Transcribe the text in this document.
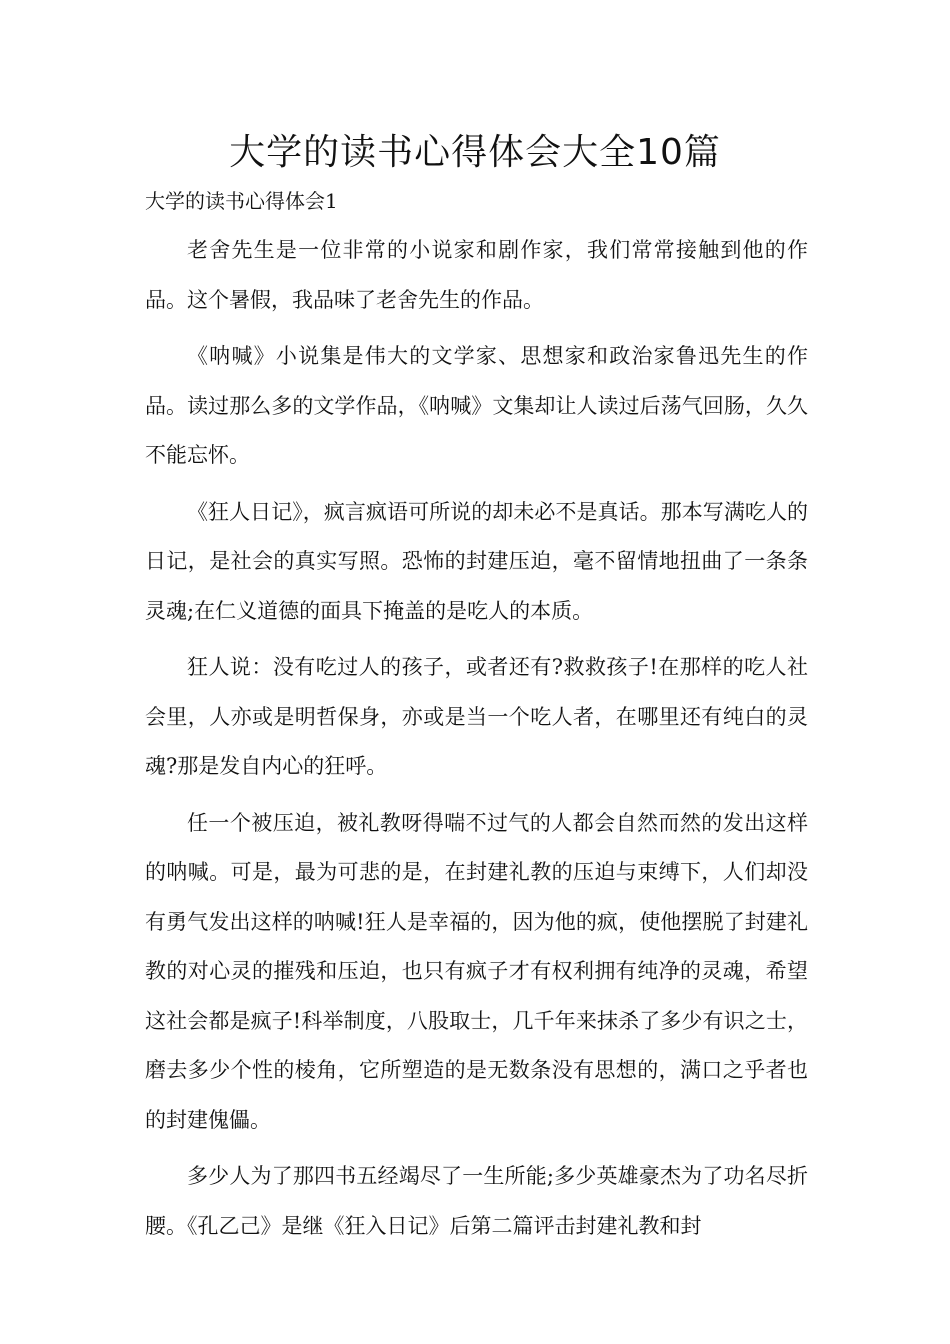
大学的读书心得体会大全10篇
大学的读书心得体会1

老舍先生是一位非常的小说家和剧作家，我们常常接触到他的作品。这个暑假，我品味了老舍先生的作品。

《呐喊》小说集是伟大的文学家、思想家和政治家鲁迅先生的作品。读过那么多的文学作品，《呐喊》文集却让人读过后荡气回肠，久久不能忘怀。

《狂人日记》，疯言疯语可所说的却未必不是真话。那本写满吃人的日记，是社会的真实写照。恐怖的封建压迫，毫不留情地扭曲了一条条灵魂;在仁义道德的面具下掩盖的是吃人的本质。

狂人说：没有吃过人的孩子，或者还有?救救孩子!在那样的吃人社会里，人亦或是明哲保身，亦或是当一个吃人者，在哪里还有纯白的灵魂?那是发自内心的狂呼。

任一个被压迫，被礼教呀得喘不过气的人都会自然而然的发出这样的呐喊。可是，最为可悲的是，在封建礼教的压迫与束缚下，人们却没有勇气发出这样的呐喊!狂人是幸福的，因为他的疯，使他摆脱了封建礼教的对心灵的摧残和压迫，也只有疯子才有权利拥有纯净的灵魂，希望这社会都是疯子!科举制度，八股取士，几千年来抹杀了多少有识之士，磨去多少个性的棱角，它所塑造的是无数条没有思想的，满口之乎者也的封建傀儡。

多少人为了那四书五经竭尽了一生所能;多少英雄豪杰为了功名尽折腰。《孔乙己》是继《狂入日记》后第二篇评击封建礼教和封
